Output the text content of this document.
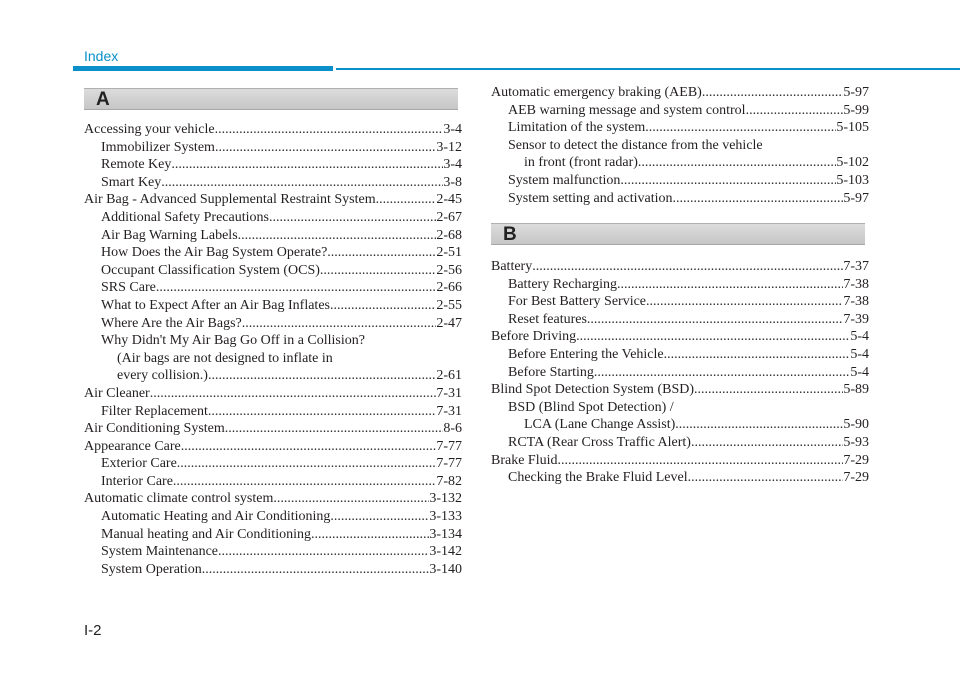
Index
A
B
Accessing your vehicle .....	3-4
Immobilizer System .....	3-12
Remote Key .....	3-4
Smart Key .....	3-8
Air Bag - Advanced Supplemental Restraint System .....	2-45
Additional Safety Precautions .....	2-67
Air Bag Warning Labels .....	2-68
How Does the Air Bag System Operate? .....	2-51
Occupant Classification System (OCS) .....	2-56
SRS Care .....	2-66
What to Expect After an Air Bag Inflates .....	2-55
Where Are the Air Bags? .....	2-47
Why Didn't My Air Bag Go Off in a Collision?
(Air bags are not designed to inflate in
every collision.) .....	2-61
Air Cleaner .....	7-31
Filter Replacement .....	7-31
Air Conditioning System .....	8-6
Appearance Care .....	7-77
Exterior Care .....	7-77
Interior Care .....	7-82
Automatic climate control system .....	3-132
Automatic Heating and Air Conditioning .....	3-133
Manual heating and Air Conditioning .....	3-134
System Maintenance .....	3-142
System Operation .....	3-140
Automatic emergency braking (AEB) .....	5-97
AEB warning message and system control .....	5-99
Limitation of the system .....	5-105
Sensor to detect the distance from the vehicle
in front (front radar) .....	5-102
System malfunction .....	5-103
System setting and activation .....	5-97
Battery .....	7-37
Battery Recharging .....	7-38
For Best Battery Service .....	7-38
Reset features .....	7-39
Before Driving .....	5-4
Before Entering the Vehicle .....	5-4
Before Starting .....	5-4
Blind Spot Detection System (BSD) .....	5-89
BSD (Blind Spot Detection) /
LCA (Lane Change Assist) .....	5-90
RCTA (Rear Cross Traffic Alert) .....	5-93
Brake Fluid .....	7-29
Checking the Brake Fluid Level .....	7-29
I-2
